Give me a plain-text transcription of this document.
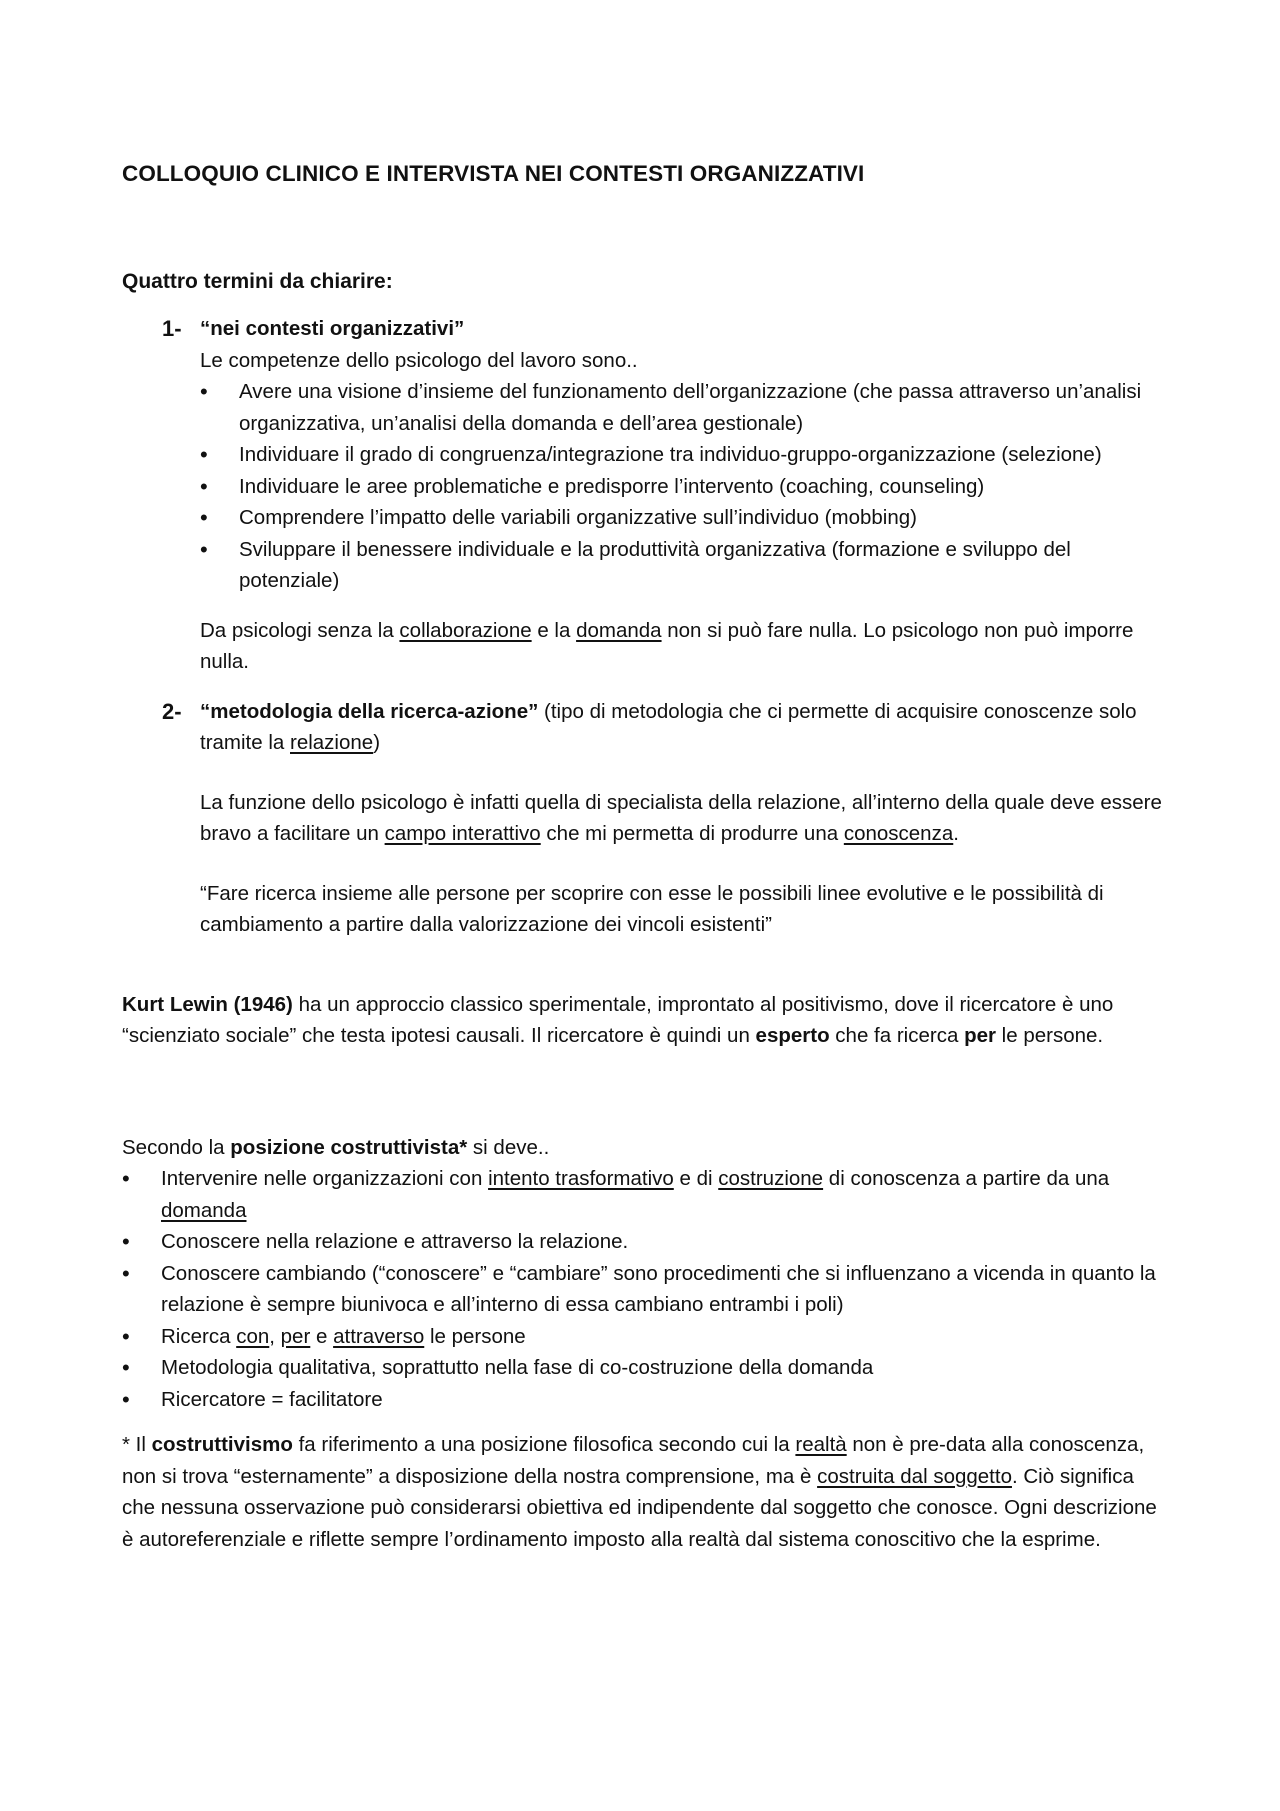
COLLOQUIO CLINICO E INTERVISTA NEI CONTESTI ORGANIZZATIVI
Quattro termini da chiarire:
1- “nei contesti organizzativi”

Le competenze dello psicologo del lavoro sono..

• Avere una visione d’insieme del funzionamento dell’organizzazione (che passa attraverso un’analisi organizzativa, un’analisi della domanda e dell’area gestionale)
• Individuare il grado di congruenza/integrazione tra individuo-gruppo-organizzazione (selezione)
• Individuare le aree problematiche e predisporre l’intervento (coaching, counseling)
• Comprendere l’impatto delle variabili organizzative sull’individuo (mobbing)
• Sviluppare il benessere individuale e la produttività organizzativa (formazione e sviluppo del potenziale)

Da psicologi senza la collaborazione e la domanda non si può fare nulla. Lo psicologo non può imporre nulla.

2- “metodologia della ricerca-azione” (tipo di metodologia che ci permette di acquisire conoscenze solo tramite la relazione)

La funzione dello psicologo è infatti quella di specialista della relazione, all’interno della quale deve essere bravo a facilitare un campo interattivo che mi permetta di produrre una conoscenza.

“Fare ricerca insieme alle persone per scoprire con esse le possibili linee evolutive e le possibilità di cambiamento a partire dalla valorizzazione dei vincoli esistenti”

Kurt Lewin (1946) ha un approccio classico sperimentale, improntato al positivismo, dove il ricercatore è uno “scienziato sociale” che testa ipotesi causali. Il ricercatore è quindi un esperto che fa ricerca per le persone.

Secondo la posizione costruttivista* si deve..

• Intervenire nelle organizzazioni con intento trasformativo e di costruzione di conoscenza a partire da una domanda
• Conoscere nella relazione e attraverso la relazione.
• Conoscere cambiando (“conoscere” e “cambiare” sono procedimenti che si influenzano a vicenda in quanto la relazione è sempre biunivoca e all’interno di essa cambiano entrambi i poli)
• Ricerca con, per e attraverso le persone
• Metodologia qualitativa, soprattutto nella fase di co-costruzione della domanda
• Ricercatore = facilitatore

* Il costruttivismo fa riferimento a una posizione filosofica secondo cui la realtà non è pre-data alla conoscenza, non si trova “esternamente” a disposizione della nostra comprensione, ma è costruita dal soggetto. Ciò significa che nessuna osservazione può considerarsi obiettiva ed indipendente dal soggetto che conosce. Ogni descrizione è autoreferenziale e riflette sempre l’ordinamento imposto alla realtà dal sistema conoscitivo che la esprime.
